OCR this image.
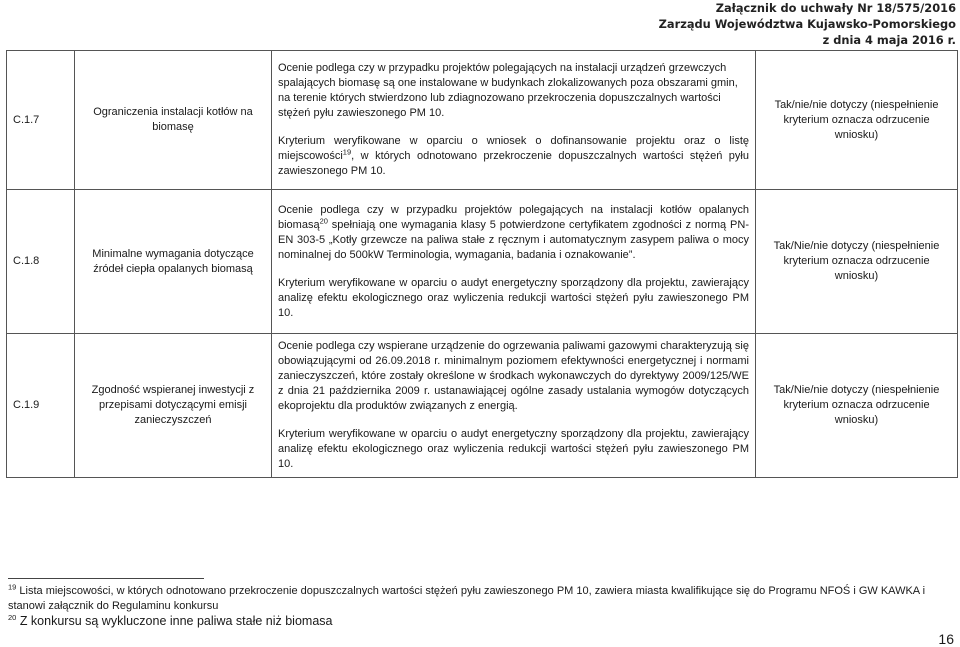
Załącznik do uchwały Nr 18/575/2016
Zarządu Województwa Kujawsko-Pomorskiego
z dnia 4 maja 2016 r.
C.1.7	Ograniczenia instalacji kotłów na biomasę	Ocenie podlega czy w przypadku projektów polegających na instalacji urządzeń grzewczych spalających biomasę są one instalowane w budynkach zlokalizowanych poza obszarami gmin, na terenie których stwierdzono lub zdiagnozowano przekroczenia dopuszczalnych wartości stężeń pyłu zawieszonego PM 10.

Kryterium weryfikowane w oparciu o wniosek o dofinansowanie projektu oraz o listę miejscowości$^{19}$, w których odnotowano przekroczenie dopuszczalnych wartości stężeń pyłu zawieszonego PM 10.	Tak/nie/nie dotyczy (niespełnienie kryterium oznacza odrzucenie wniosku)
C.1.8	Minimalne wymagania dotyczące źródeł ciepła opalanych biomasą	Ocenie podlega czy w przypadku projektów polegających na instalacji kotłów opalanych biomasą$^{20}$ spełniają one wymagania klasy 5 potwierdzone certyfikatem zgodności z normą PN-EN 303-5 „Kotły grzewcze na paliwa stałe z ręcznym i automatycznym zasypem paliwa o mocy nominalnej do 500kW Terminologia, wymagania, badania i oznakowanie”.

Kryterium weryfikowane w oparciu o audyt energetyczny sporządzony dla projektu, zawierający analizę efektu ekologicznego oraz wyliczenia redukcji wartości stężeń pyłu zawieszonego PM 10.	Tak/Nie/nie dotyczy (niespełnienie kryterium oznacza odrzucenie wniosku)
C.1.9	Zgodność wspieranej inwestycji z przepisami dotyczącymi emisji zanieczyszczeń	Ocenie podlega czy wspierane urządzenie do ogrzewania paliwami gazowymi charakteryzują się obowiązującymi od 26.09.2018 r. minimalnym poziomem efektywności energetycznej i normami zanieczyszczeń, które zostały określone w środkach wykonawczych do dyrektywy 2009/125/WE z dnia 21 października 2009 r. ustanawiającej ogólne zasady ustalania wymogów dotyczących ekoprojektu dla produktów związanych z energią.

Kryterium weryfikowane w oparciu o audyt energetyczny sporządzony dla projektu, zawierający analizę efektu ekologicznego oraz wyliczenia redukcji wartości stężeń pyłu zawieszonego PM 10.	Tak/Nie/nie dotyczy (niespełnienie kryterium oznacza odrzucenie wniosku)

$^{19}$ Lista miejscowości, w których odnotowano przekroczenie dopuszczalnych wartości stężeń pyłu zawieszonego PM 10, zawiera miasta kwalifikujące się do Programu NFOŚ i GW KAWKA i stanowi załącznik do Regulaminu konkursu

$^{20}$ Z konkursu są wykluczone inne paliwa stałe niż biomasa

16
